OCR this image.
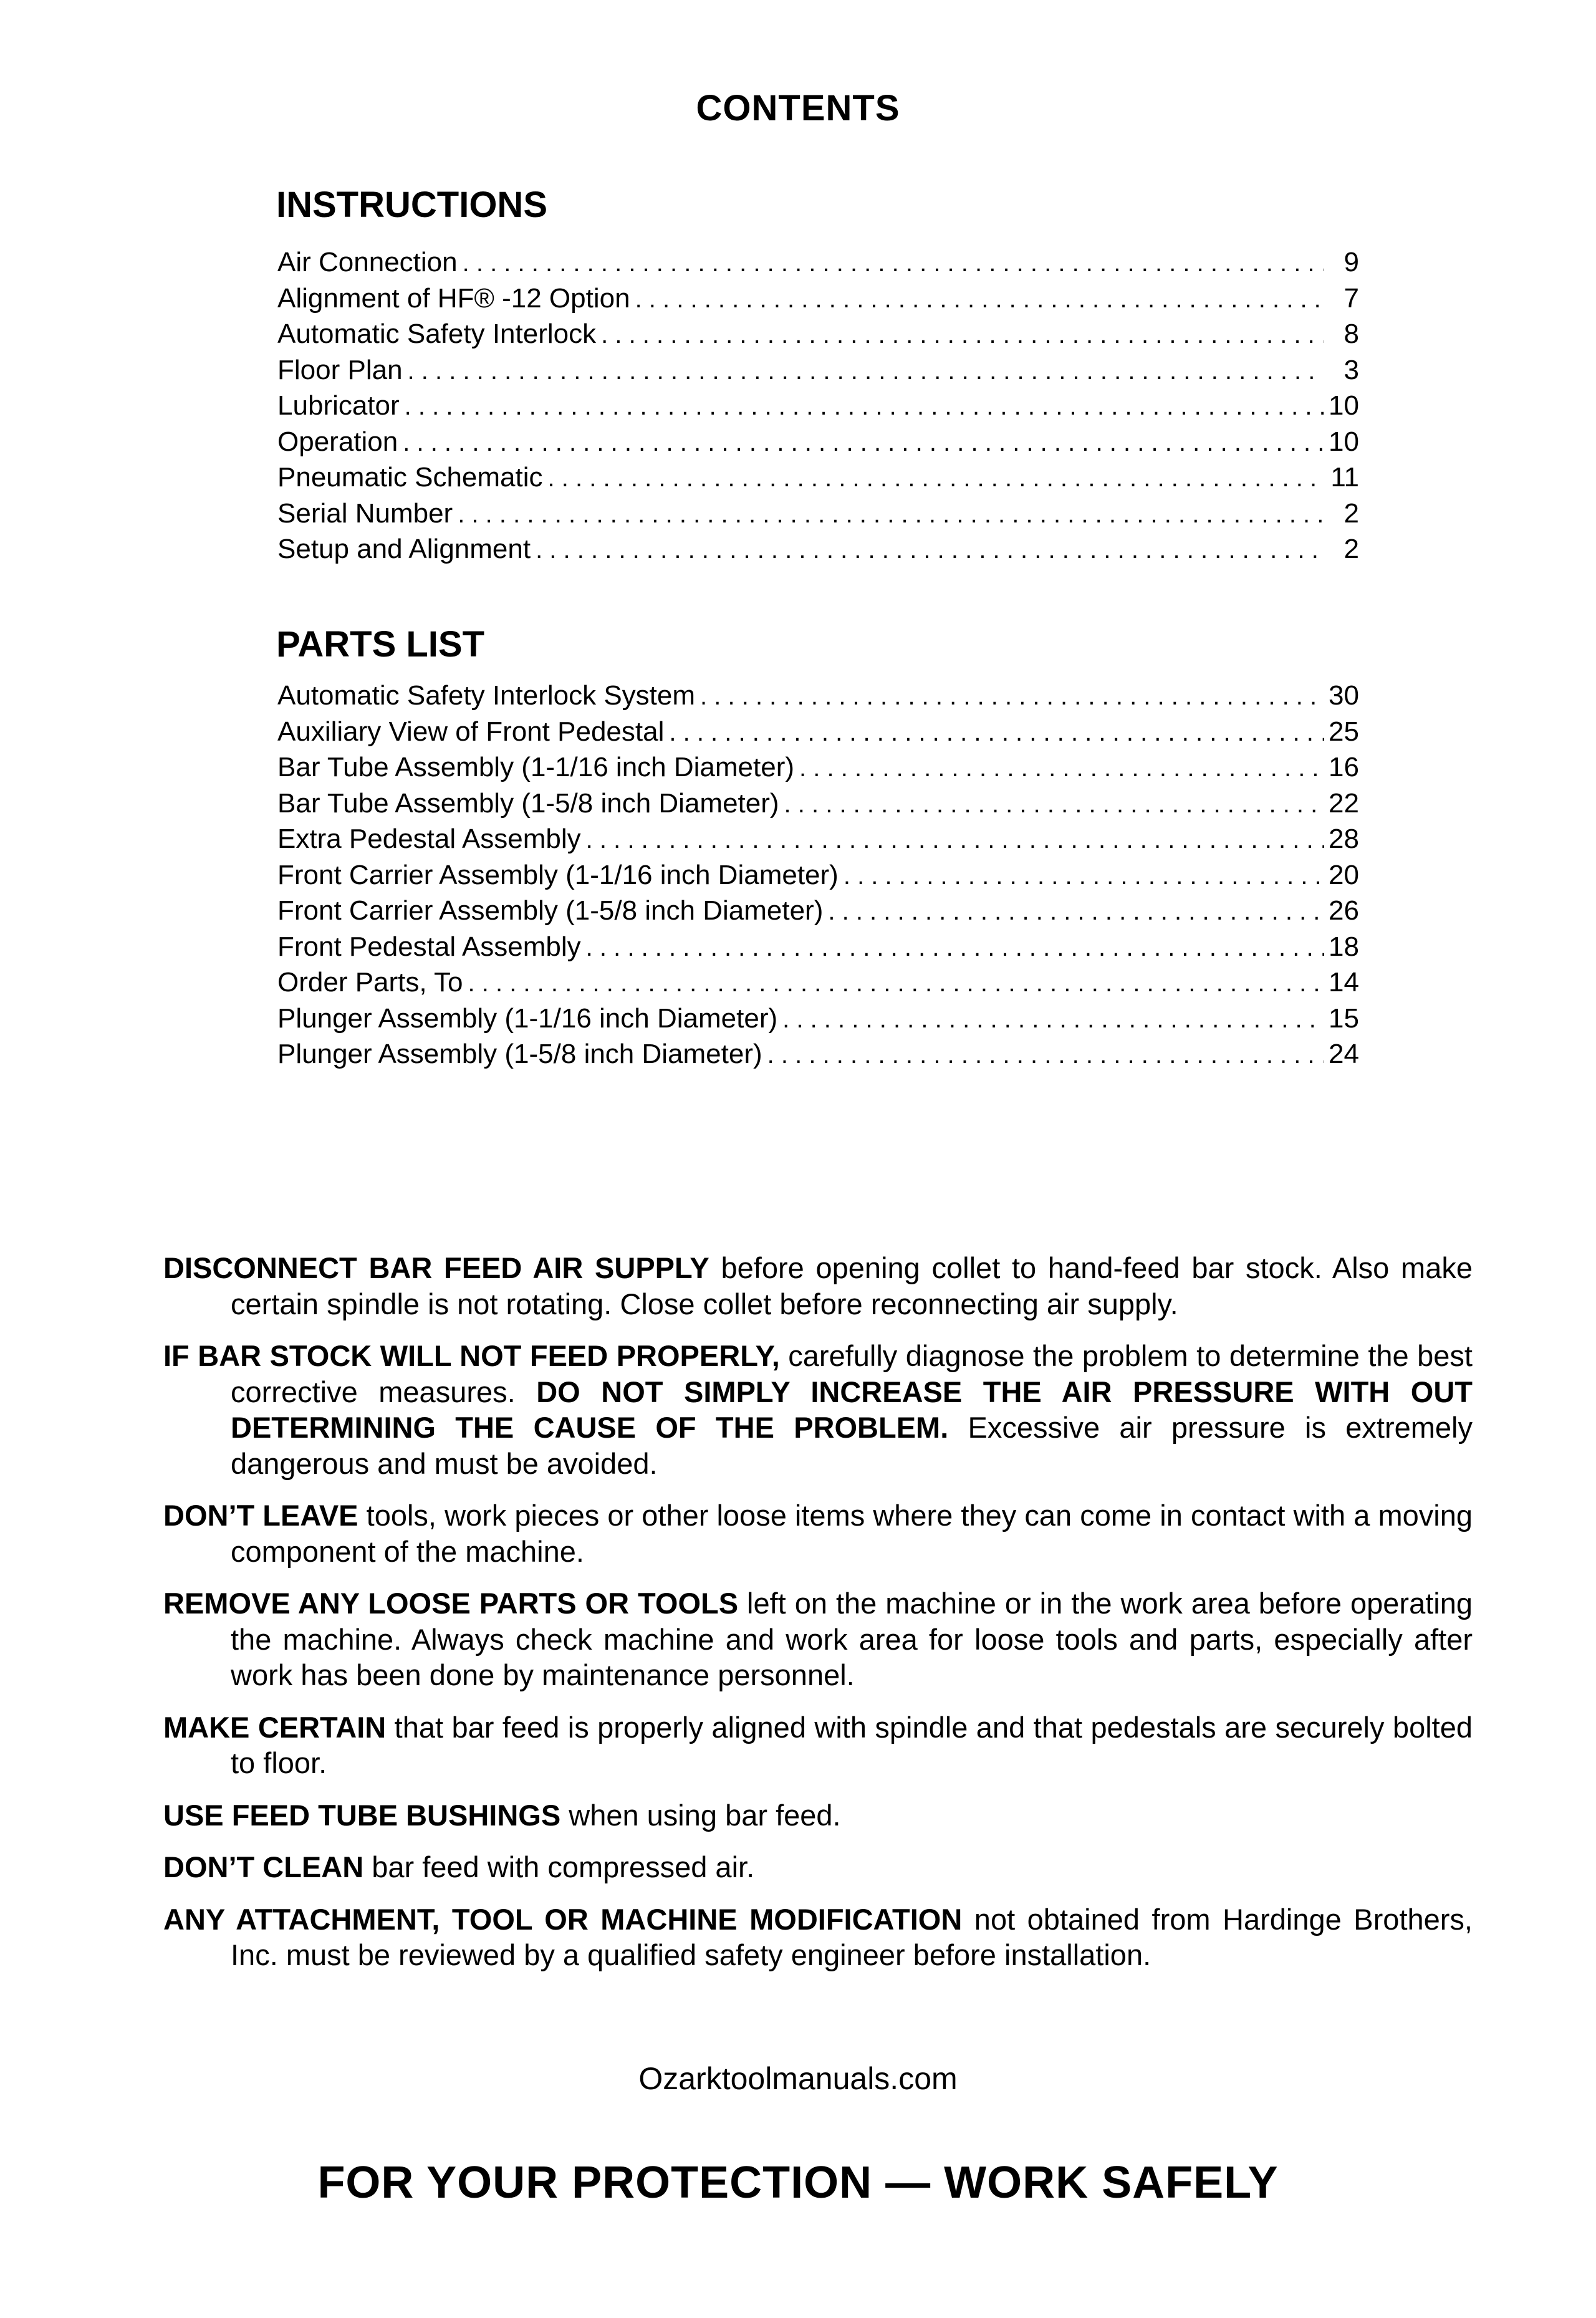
CONTENTS
INSTRUCTIONS
Air Connection . . .	9
Alignment of HF® -12 Option . . .	7
Automatic Safety Interlock . . .	8
Floor Plan . . .	3
Lubricator . . .	10
Operation . . .	10
Pneumatic Schematic . . .	11
Serial Number . . .	2
Setup and Alignment . . .	2
PARTS LIST
Automatic Safety Interlock System . . .	30
Auxiliary View of Front Pedestal . . .	25
Bar Tube Assembly (1-1/16 inch Diameter) . . .	16
Bar Tube Assembly (1-5/8 inch Diameter) . . .	22
Extra Pedestal Assembly . . .	28
Front Carrier Assembly (1-1/16 inch Diameter) . . .	20
Front Carrier Assembly (1-5/8 inch Diameter) . . .	26
Front Pedestal Assembly . . .	18
Order Parts, To . . .	14
Plunger Assembly (1-1/16 inch Diameter) . . .	15
Plunger Assembly (1-5/8 inch Diameter) . . .	24

DISCONNECT BAR FEED AIR SUPPLY before opening collet to hand-feed bar stock. Also make certain spindle is not rotating. Close collet before reconnecting air supply.

IF BAR STOCK WILL NOT FEED PROPERLY, carefully diagnose the problem to determine the best corrective measures. DO NOT SIMPLY INCREASE THE AIR PRESSURE WITH OUT DETERMINING THE CAUSE OF THE PROBLEM. Excessive air pressure is extremely dangerous and must be avoided.

DON’T LEAVE tools, work pieces or other loose items where they can come in contact with a moving component of the machine.

REMOVE ANY LOOSE PARTS OR TOOLS left on the machine or in the work area before operating the machine. Always check machine and work area for loose tools and parts, especially after work has been done by maintenance personnel.

MAKE CERTAIN that bar feed is properly aligned with spindle and that pedestals are securely bolted to floor.

USE FEED TUBE BUSHINGS when using bar feed.

DON’T CLEAN bar feed with compressed air.

ANY ATTACHMENT, TOOL OR MACHINE MODIFICATION not obtained from Hardinge Brothers, Inc. must be reviewed by a qualified safety engineer before installation.

Ozarktoolmanuals.com
FOR YOUR PROTECTION — WORK SAFELY
